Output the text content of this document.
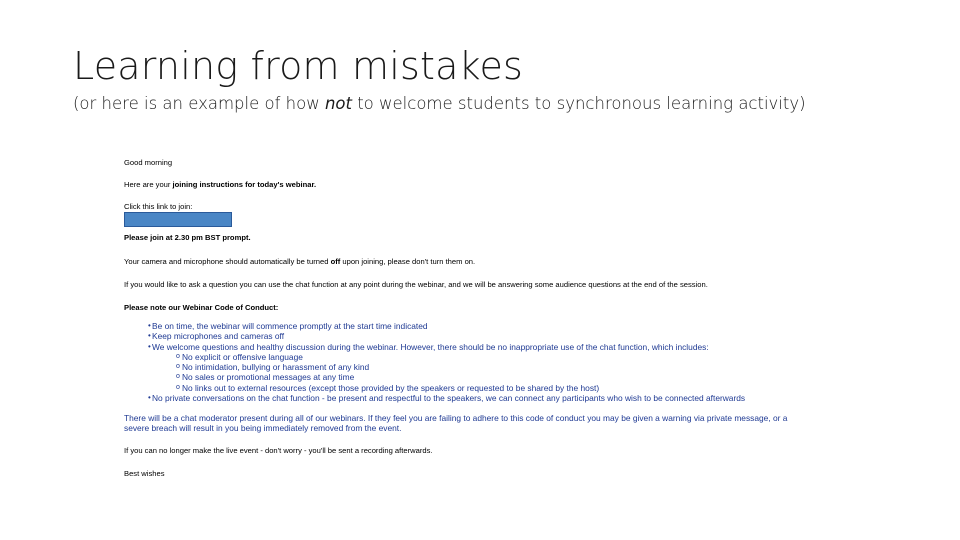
Learning from mistakes
(or here is an example of how not to welcome students to synchronous learning activity)

Good morning

Here are your joining instructions for today's webinar.

Click this link to join:

Please join at 2.30 pm BST prompt.

Your camera and microphone should automatically be turned off upon joining, please don't turn them on.

If you would like to ask a question you can use the chat function at any point during the webinar, and we will be answering some audience questions at the end of the session.

Please note our Webinar Code of Conduct:

•
Be on time, the webinar will commence promptly at the start time indicated
•
Keep microphones and cameras off
•
We welcome questions and healthy discussion during the webinar. However, there should be no inappropriate use of the chat function, which includes:
o
No explicit or offensive language
o
No intimidation, bullying or harassment of any kind
o
No sales or promotional messages at any time
o
No links out to external resources (except those provided by the speakers or requested to be shared by the host)
•
No private conversations on the chat function - be present and respectful to the speakers, we can connect any participants who wish to be connected afterwards

There will be a chat moderator present during all of our webinars. If they feel you are failing to adhere to this code of conduct you may be given a warning via private message, or a

severe breach will result in you being immediately removed from the event.

If you can no longer make the live event - don't worry - you'll be sent a recording afterwards.

Best wishes
